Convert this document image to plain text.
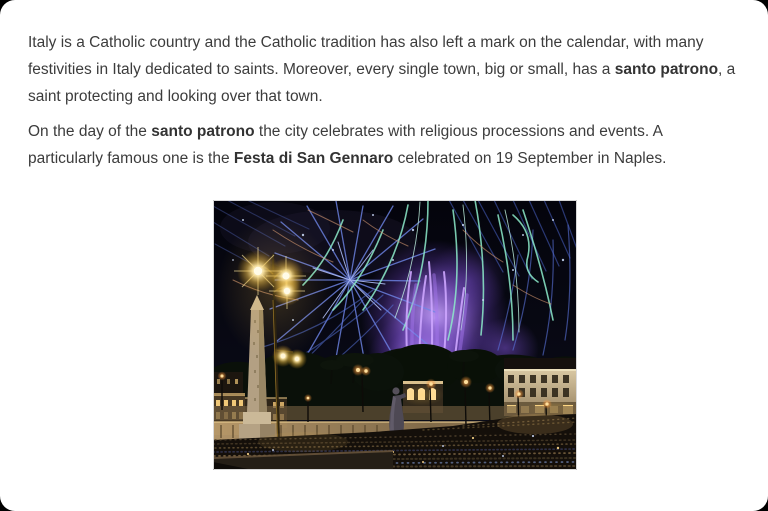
Italy is a Catholic country and the Catholic tradition has also left a mark on the calendar, with many festivities in Italy dedicated to saints. Moreover, every single town, big or small, has a santo patrono, a saint protecting and looking over that town.

On the day of the santo patrono the city celebrates with religious processions and events. A particularly famous one is the Festa di San Gennaro celebrated on 19 September in Naples.
